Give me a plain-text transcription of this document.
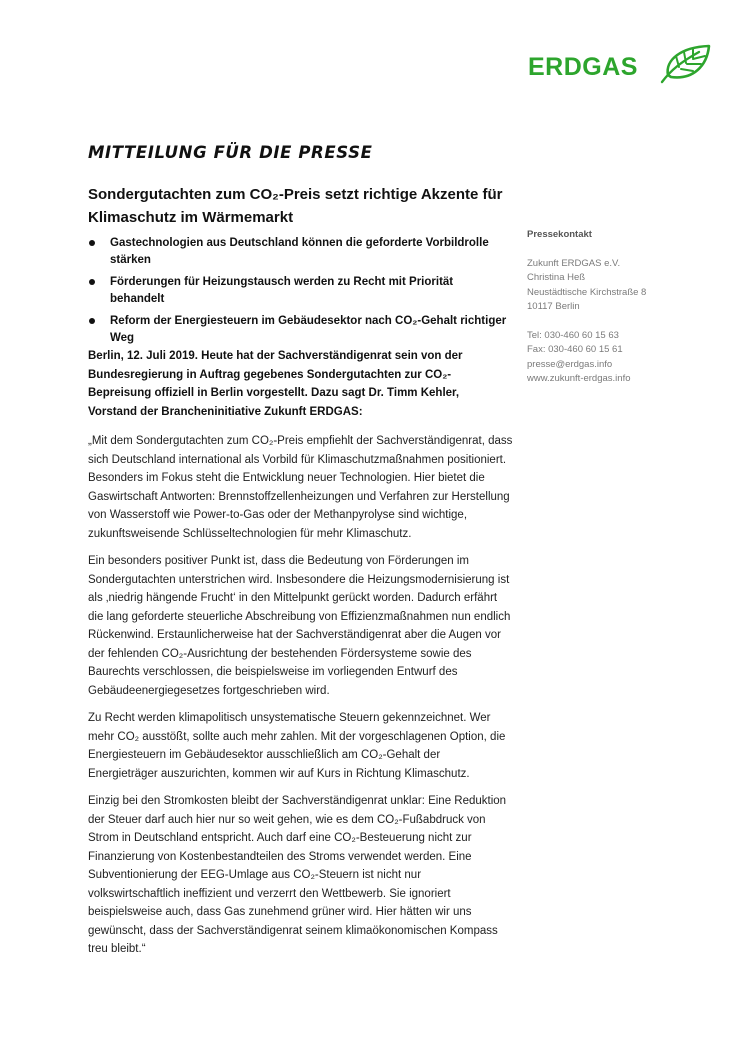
ERDGAS
MITTEILUNG FÜR DIE PRESSE
Sondergutachten zum CO₂-Preis setzt richtige Akzente für Klimaschutz im Wärmemarkt
Gastechnologien aus Deutschland können die geforderte Vorbildrolle stärken
Förderungen für Heizungstausch werden zu Recht mit Priorität behandelt
Reform der Energiesteuern im Gebäudesektor nach CO₂-Gehalt richtiger Weg

Berlin, 12. Juli 2019. Heute hat der Sachverständigenrat sein von der Bundesregierung in Auftrag gegebenes Sondergutachten zur CO₂-Bepreisung offiziell in Berlin vorgestellt. Dazu sagt Dr. Timm Kehler, Vorstand der Brancheninitiative Zukunft ERDGAS:

„Mit dem Sondergutachten zum CO₂-Preis empfiehlt der Sachverständigenrat, dass sich Deutschland international als Vorbild für Klimaschutzmaßnahmen positioniert. Besonders im Fokus steht die Entwicklung neuer Technologien. Hier bietet die Gaswirtschaft Antworten: Brennstoffzellenheizungen und Verfahren zur Herstellung von Wasserstoff wie Power-to-Gas oder der Methanpyrolyse sind wichtige, zukunftsweisende Schlüsseltechnologien für mehr Klimaschutz.

Ein besonders positiver Punkt ist, dass die Bedeutung von Förderungen im Sondergutachten unterstrichen wird. Insbesondere die Heizungsmodernisierung ist als ‚niedrig hängende Frucht‘ in den Mittelpunkt gerückt worden. Dadurch erfährt die lang geforderte steuerliche Abschreibung von Effizienzmaßnahmen nun endlich Rückenwind. Erstaunlicherweise hat der Sachverständigenrat aber die Augen vor der fehlenden CO₂-Ausrichtung der bestehenden Fördersysteme sowie des Baurechts verschlossen, die beispielsweise im vorliegenden Entwurf des Gebäudeenergiegesetzes fortgeschrieben wird.

Zu Recht werden klimapolitisch unsystematische Steuern gekennzeichnet. Wer mehr CO₂ ausstößt, sollte auch mehr zahlen. Mit der vorgeschlagenen Option, die Energiesteuern im Gebäudesektor ausschließlich am CO₂-Gehalt der Energieträger auszurichten, kommen wir auf Kurs in Richtung Klimaschutz.

Einzig bei den Stromkosten bleibt der Sachverständigenrat unklar: Eine Reduktion der Steuer darf auch hier nur so weit gehen, wie es dem CO₂-Fußabdruck von Strom in Deutschland entspricht. Auch darf eine CO₂-Besteuerung nicht zur Finanzierung von Kostenbestandteilen des Stroms verwendet werden. Eine Subventionierung der EEG-Umlage aus CO₂-Steuern ist nicht nur volkswirtschaftlich ineffizient und verzerrt den Wettbewerb. Sie ignoriert beispielsweise auch, dass Gas zunehmend grüner wird. Hier hätten wir uns gewünscht, dass der Sachverständigenrat seinem klimaökonomischen Kompass treu bleibt.“

Pressekontakt
Zukunft ERDGAS e.V.
Christina Heß
Neustädtische Kirchstraße 8
10117 Berlin
Tel: 030-460 60 15 63
Fax: 030-460 60 15 61
presse@erdgas.info
www.zukunft-erdgas.info
